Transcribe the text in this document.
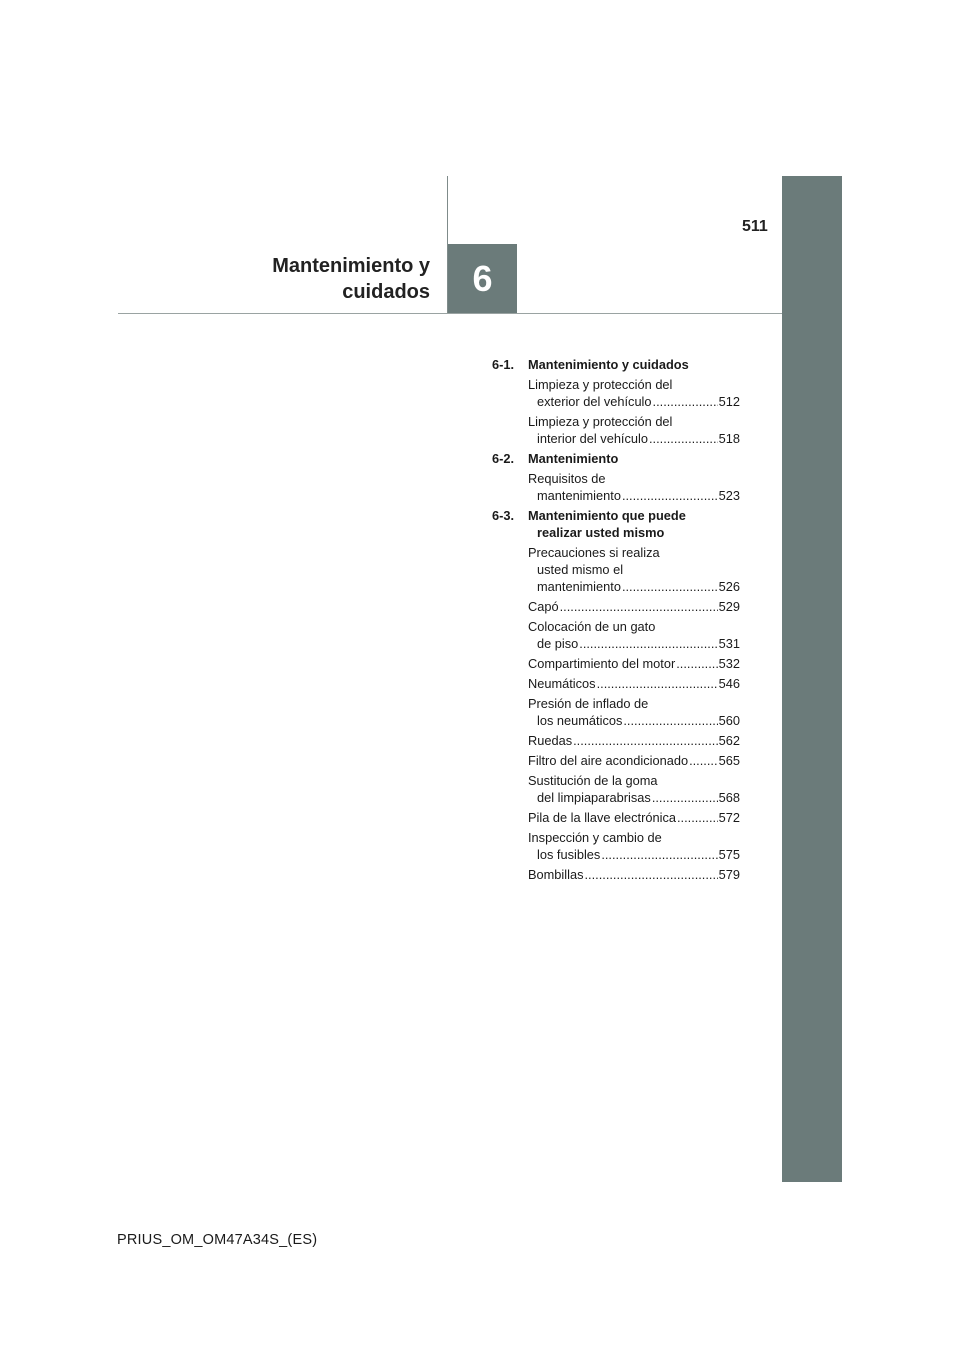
6
Mantenimiento y
cuidados
511
6-1.	Mantenimiento y cuidados
Limpieza y protección del
exterior del vehículo .....	512
Limpieza y protección del
interior del vehículo .....	518
6-2.	Mantenimiento
Requisitos de
mantenimiento .....	523
6-3.	Mantenimiento que puede
realizar usted mismo
Precauciones si realiza
usted mismo el
mantenimiento .....	526
Capó .....	529
Colocación de un gato
de piso .....	531
Compartimiento del motor .....	532
Neumáticos .....	546
Presión de inflado de
los neumáticos .....	560
Ruedas .....	562
Filtro del aire acondicionado ..... 565
Sustitución de la goma
del limpiaparabrisas .....	568
Pila de la llave electrónica .....	572
Inspección y cambio de
los fusibles .....	575
Bombillas .....	579
PRIUS_OM_OM47A34S_(ES)
